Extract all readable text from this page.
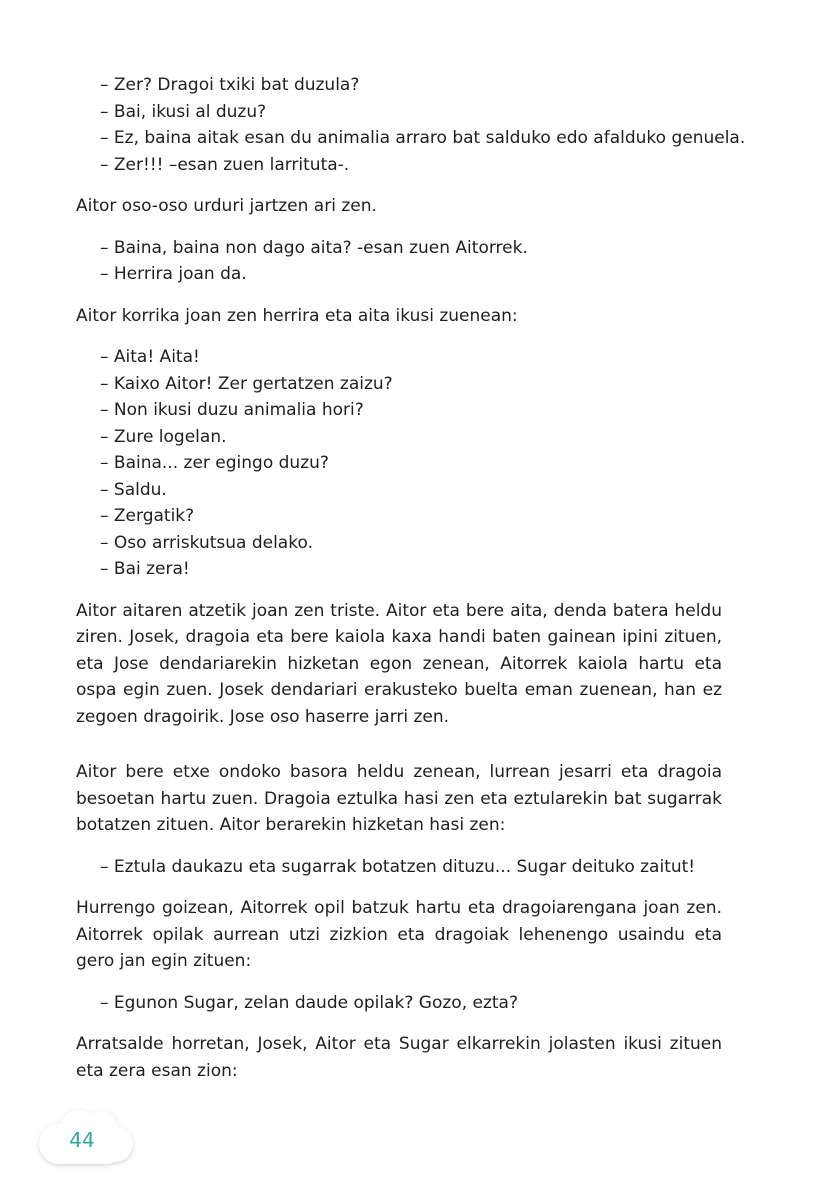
– Zer? Dragoi txiki bat duzula?
– Bai, ikusi al duzu?
– Ez, baina aitak esan du animalia arraro bat salduko edo afalduko genuela.
– Zer!!! –esan zuen larrituta-.

Aitor oso-oso urduri jartzen ari zen.

– Baina, baina non dago aita? -esan zuen Aitorrek.
– Herrira joan da.

Aitor korrika joan zen herrira eta aita ikusi zuenean:

– Aita! Aita!
– Kaixo Aitor! Zer gertatzen zaizu?
– Non ikusi duzu animalia hori?
– Zure logelan.
– Baina... zer egingo duzu?
– Saldu.
– Zergatik?
– Oso arriskutsua delako.
– Bai zera!

Aitor aitaren atzetik joan zen triste. Aitor eta bere aita, denda batera heldu ziren. Josek, dragoia eta bere kaiola kaxa handi baten gainean ipini zituen, eta Jose dendariarekin hizketan egon zenean, Aitorrek kaiola hartu eta ospa egin zuen. Josek dendariari erakusteko buelta eman zuenean, han ez zegoen dragoirik. Jose oso haserre jarri zen.

Aitor bere etxe ondoko basora heldu zenean, lurrean jesarri eta dragoia besoetan hartu zuen. Dragoia eztulka hasi zen eta eztularekin bat sugarrak botatzen zituen. Aitor berarekin hizketan hasi zen:

– Eztula daukazu eta sugarrak botatzen dituzu... Sugar deituko zaitut!

Hurrengo goizean, Aitorrek opil batzuk hartu eta dragoiarengana joan zen. Aitorrek opilak aurrean utzi zizkion eta dragoiak lehenengo usaindu eta gero jan egin zituen:

– Egunon Sugar, zelan daude opilak? Gozo, ezta?

Arratsalde horretan, Josek, Aitor eta Sugar elkarrekin jolasten ikusi zituen eta zera esan zion:

44
